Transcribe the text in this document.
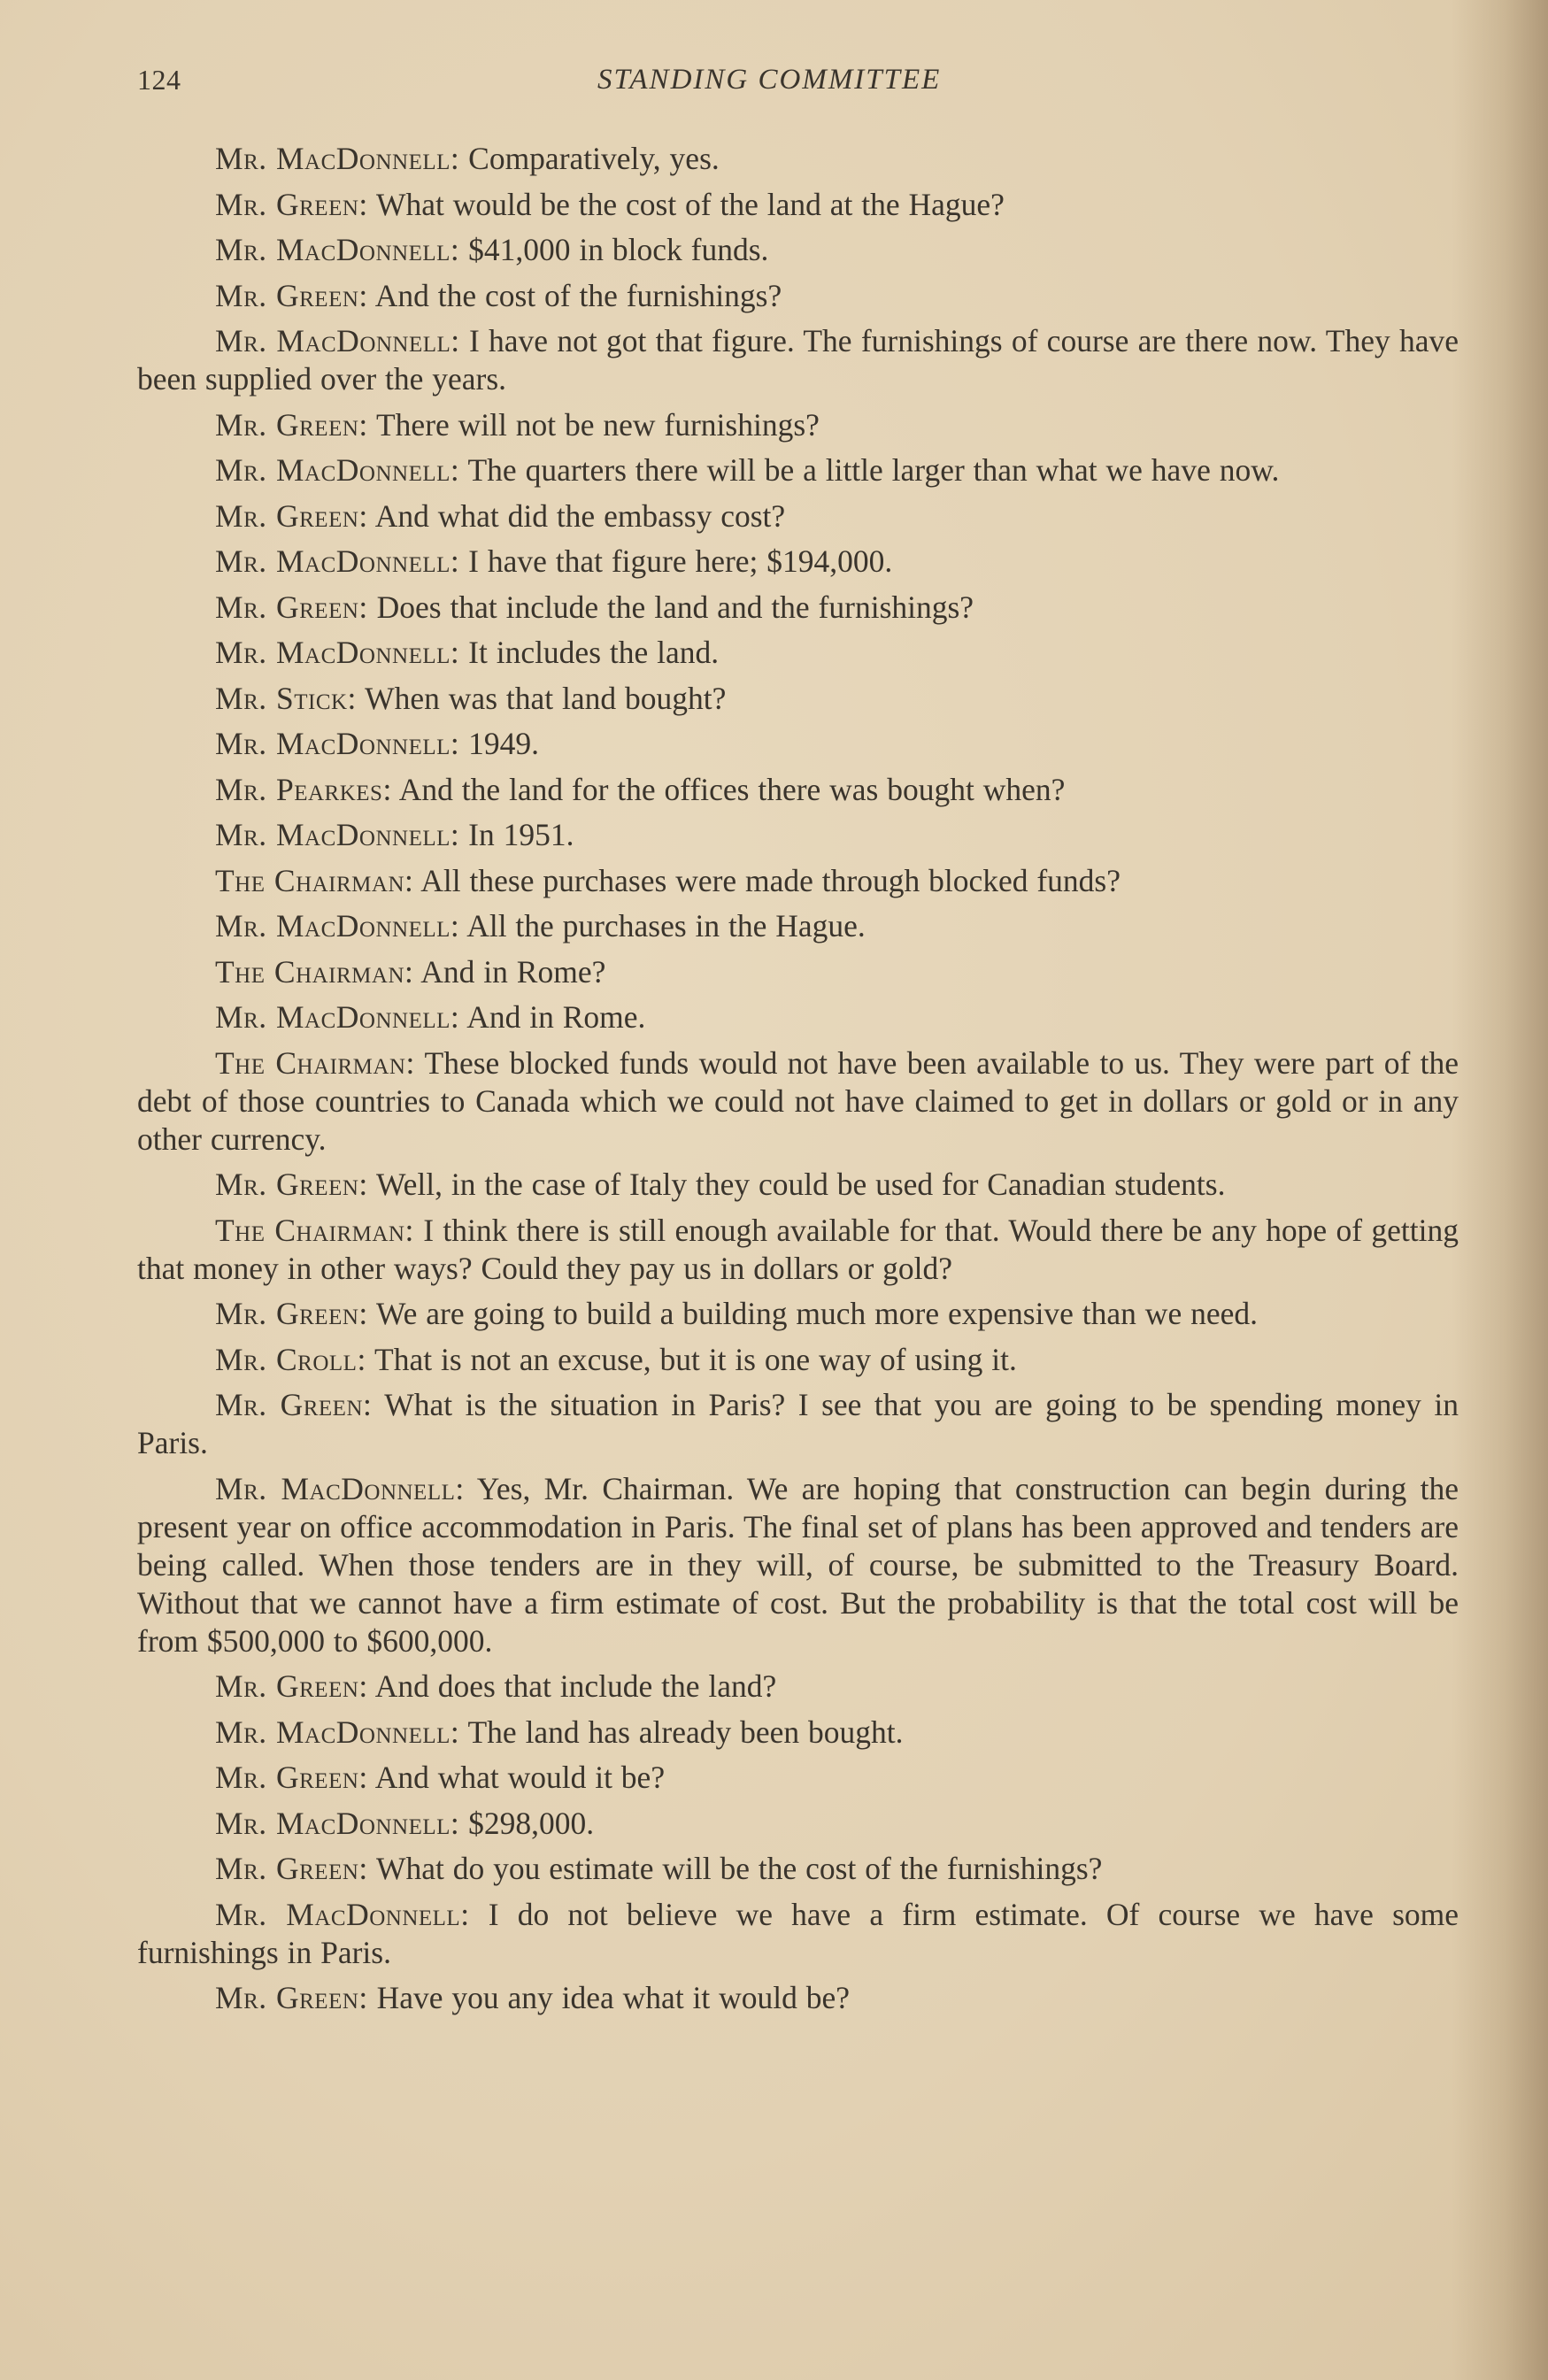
124	STANDING COMMITTEE

Mr. MacDonnell: Comparatively, yes.

Mr. Green: What would be the cost of the land at the Hague?

Mr. MacDonnell: $41,000 in block funds.

Mr. Green: And the cost of the furnishings?

Mr. MacDonnell: I have not got that figure. The furnishings of course are there now. They have been supplied over the years.

Mr. Green: There will not be new furnishings?

Mr. MacDonnell: The quarters there will be a little larger than what we have now.

Mr. Green: And what did the embassy cost?

Mr. MacDonnell: I have that figure here; $194,000.

Mr. Green: Does that include the land and the furnishings?

Mr. MacDonnell: It includes the land.

Mr. Stick: When was that land bought?

Mr. MacDonnell: 1949.

Mr. Pearkes: And the land for the offices there was bought when?

Mr. MacDonnell: In 1951.

The Chairman: All these purchases were made through blocked funds?

Mr. MacDonnell: All the purchases in the Hague.

The Chairman: And in Rome?

Mr. MacDonnell: And in Rome.

The Chairman: These blocked funds would not have been available to us. They were part of the debt of those countries to Canada which we could not have claimed to get in dollars or gold or in any other currency.

Mr. Green: Well, in the case of Italy they could be used for Canadian students.

The Chairman: I think there is still enough available for that. Would there be any hope of getting that money in other ways? Could they pay us in dollars or gold?

Mr. Green: We are going to build a building much more expensive than we need.

Mr. Croll: That is not an excuse, but it is one way of using it.

Mr. Green: What is the situation in Paris? I see that you are going to be spending money in Paris.

Mr. MacDonnell: Yes, Mr. Chairman. We are hoping that construction can begin during the present year on office accommodation in Paris. The final set of plans has been approved and tenders are being called. When those tenders are in they will, of course, be submitted to the Treasury Board. Without that we cannot have a firm estimate of cost. But the probability is that the total cost will be from $500,000 to $600,000.

Mr. Green: And does that include the land?

Mr. MacDonnell: The land has already been bought.

Mr. Green: And what would it be?

Mr. MacDonnell: $298,000.

Mr. Green: What do you estimate will be the cost of the furnishings?

Mr. MacDonnell: I do not believe we have a firm estimate. Of course we have some furnishings in Paris.

Mr. Green: Have you any idea what it would be?
